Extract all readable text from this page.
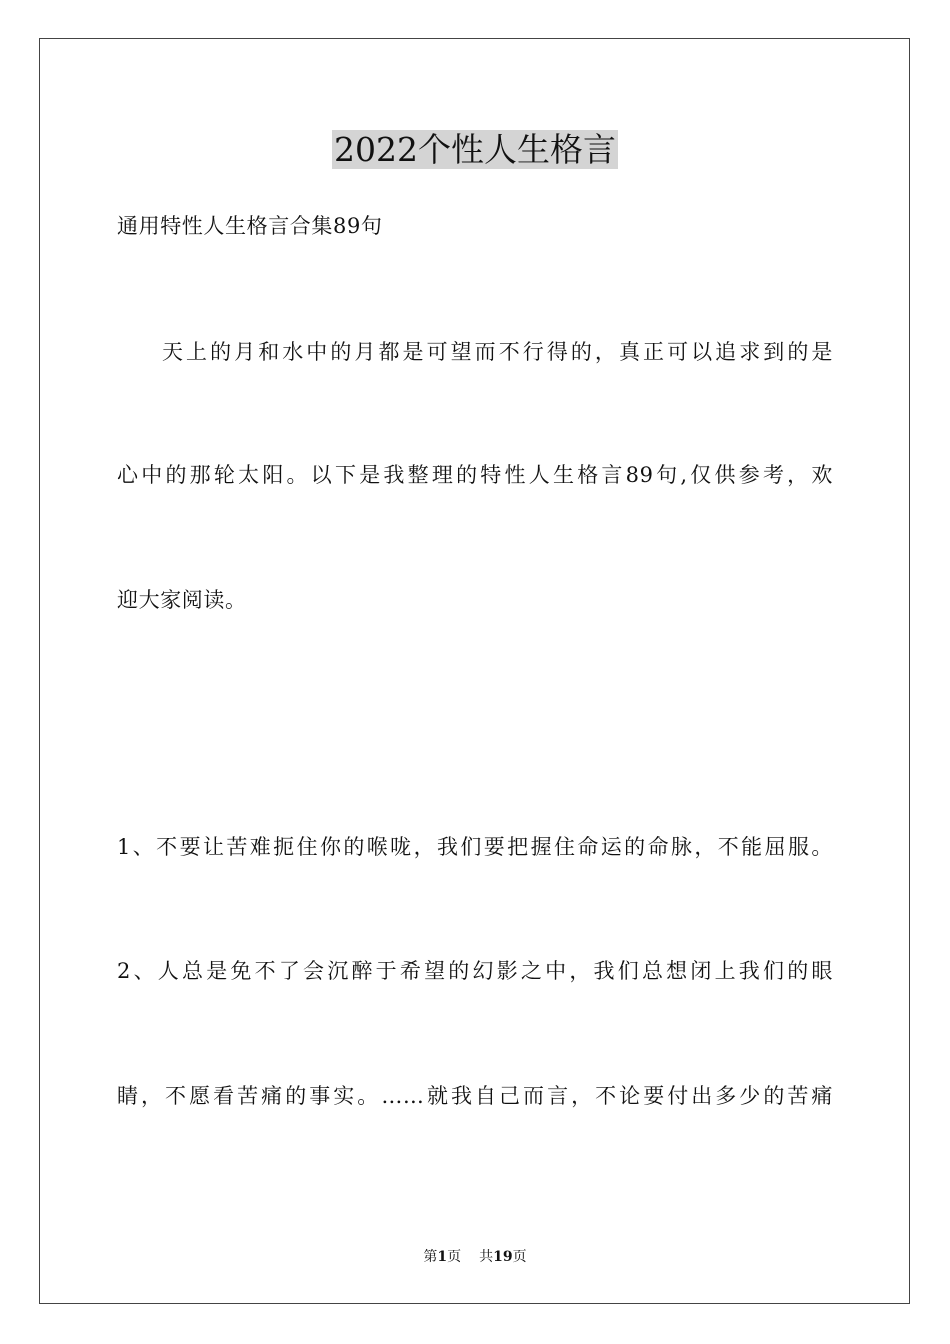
2022个性人生格言

通用特性人生格言合集89句

天上的月和水中的月都是可望而不行得的，真正可以追求到的是

心中的那轮太阳。以下是我整理的特性人生格言89句,仅供参考，欢

迎大家阅读。

1、不要让苦难扼住你的喉咙，我们要把握住命运的命脉，不能屈服。

2、人总是免不了会沉醉于希望的幻影之中，我们总想闭上我们的眼

睛，不愿看苦痛的事实。……就我自己而言，不论要付出多少的苦痛

第1页 共19页
